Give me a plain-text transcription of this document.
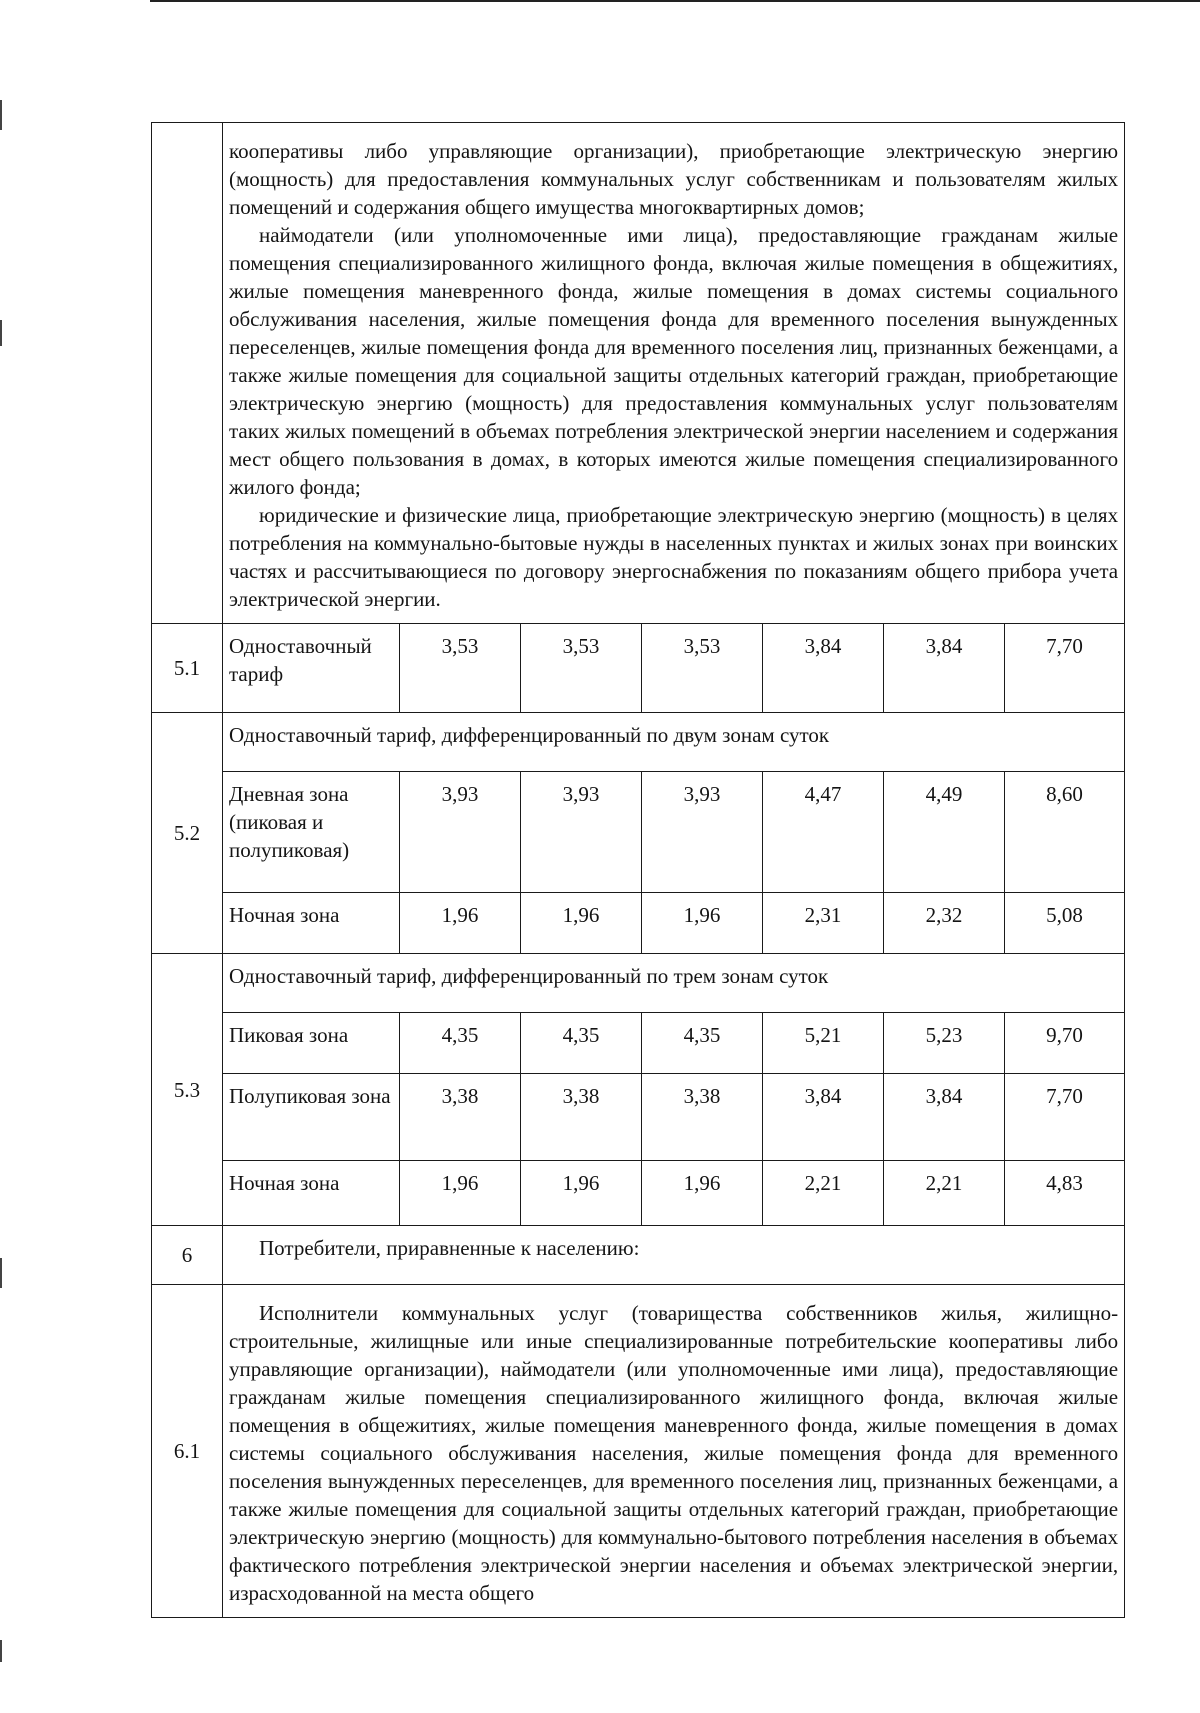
	кооперативы либо управляющие организации), приобретающие электрическую энергию (мощность) для предоставления коммунальных услуг собственникам и пользователям жилых помещений и содержания общего имущества многоквартирных домов;

наймодатели (или уполномоченные ими лица), предоставляющие гражданам жилые помещения специализированного жилищного фонда, включая жилые помещения в общежитиях, жилые помещения маневренного фонда, жилые помещения в домах системы социального обслуживания населения, жилые помещения фонда для временного поселения вынужденных переселенцев, жилые помещения фонда для временного поселения лиц, признанных беженцами, а также жилые помещения для социальной защиты отдельных категорий граждан, приобретающие электрическую энергию (мощность) для предоставления коммунальных услуг пользователям таких жилых помещений в объемах потребления электрической энергии населением и содержания мест общего пользования в домах, в которых имеются жилые помещения специализированного жилого фонда;

юридические и физические лица, приобретающие электрическую энергию (мощность) в целях потребления на коммунально-бытовые нужды в населенных пунктах и жилых зонах при воинских частях и рассчитывающиеся по договору энергоснабжения по показаниям общего прибора учета электрической энергии.						

5.1	Одноставочный тариф	3,53	3,53	3,53	3,84	3,84	7,70
5.2	Одноставочный тариф, дифференцированный по двум зонам суток						
	Дневная зона (пиковая и полупиковая)	3,93	3,93	3,93	4,47	4,49	8,60
	Ночная зона	1,96	1,96	1,96	2,31	2,32	5,08
5.3	Одноставочный тариф, дифференцированный по трем зонам суток						
	Пиковая зона	4,35	4,35	4,35	5,21	5,23	9,70
	Полупиковая зона	3,38	3,38	3,38	3,84	3,84	7,70
	Ночная зона	1,96	1,96	1,96	2,21	2,21	4,83
6	Потребители, приравненные к населению:						
6.1	Исполнители коммунальных услуг (товарищества собственников жилья, жилищно-строительные, жилищные или иные специализированные потребительские кооперативы либо управляющие организации), наймодатели (или уполномоченные ими лица), предоставляющие гражданам жилые помещения специализированного жилищного фонда, включая жилые помещения в общежитиях, жилые помещения маневренного фонда, жилые помещения в домах системы социального обслуживания населения, жилые помещения фонда для временного поселения вынужденных переселенцев, для временного поселения лиц, признанных беженцами, а также жилые помещения для социальной защиты отдельных категорий граждан, приобретающие электрическую энергию (мощность) для коммунально-бытового потребления населения в объемах фактического потребления электрической энергии населения и объемах электрической энергии, израсходованной на места общего						
